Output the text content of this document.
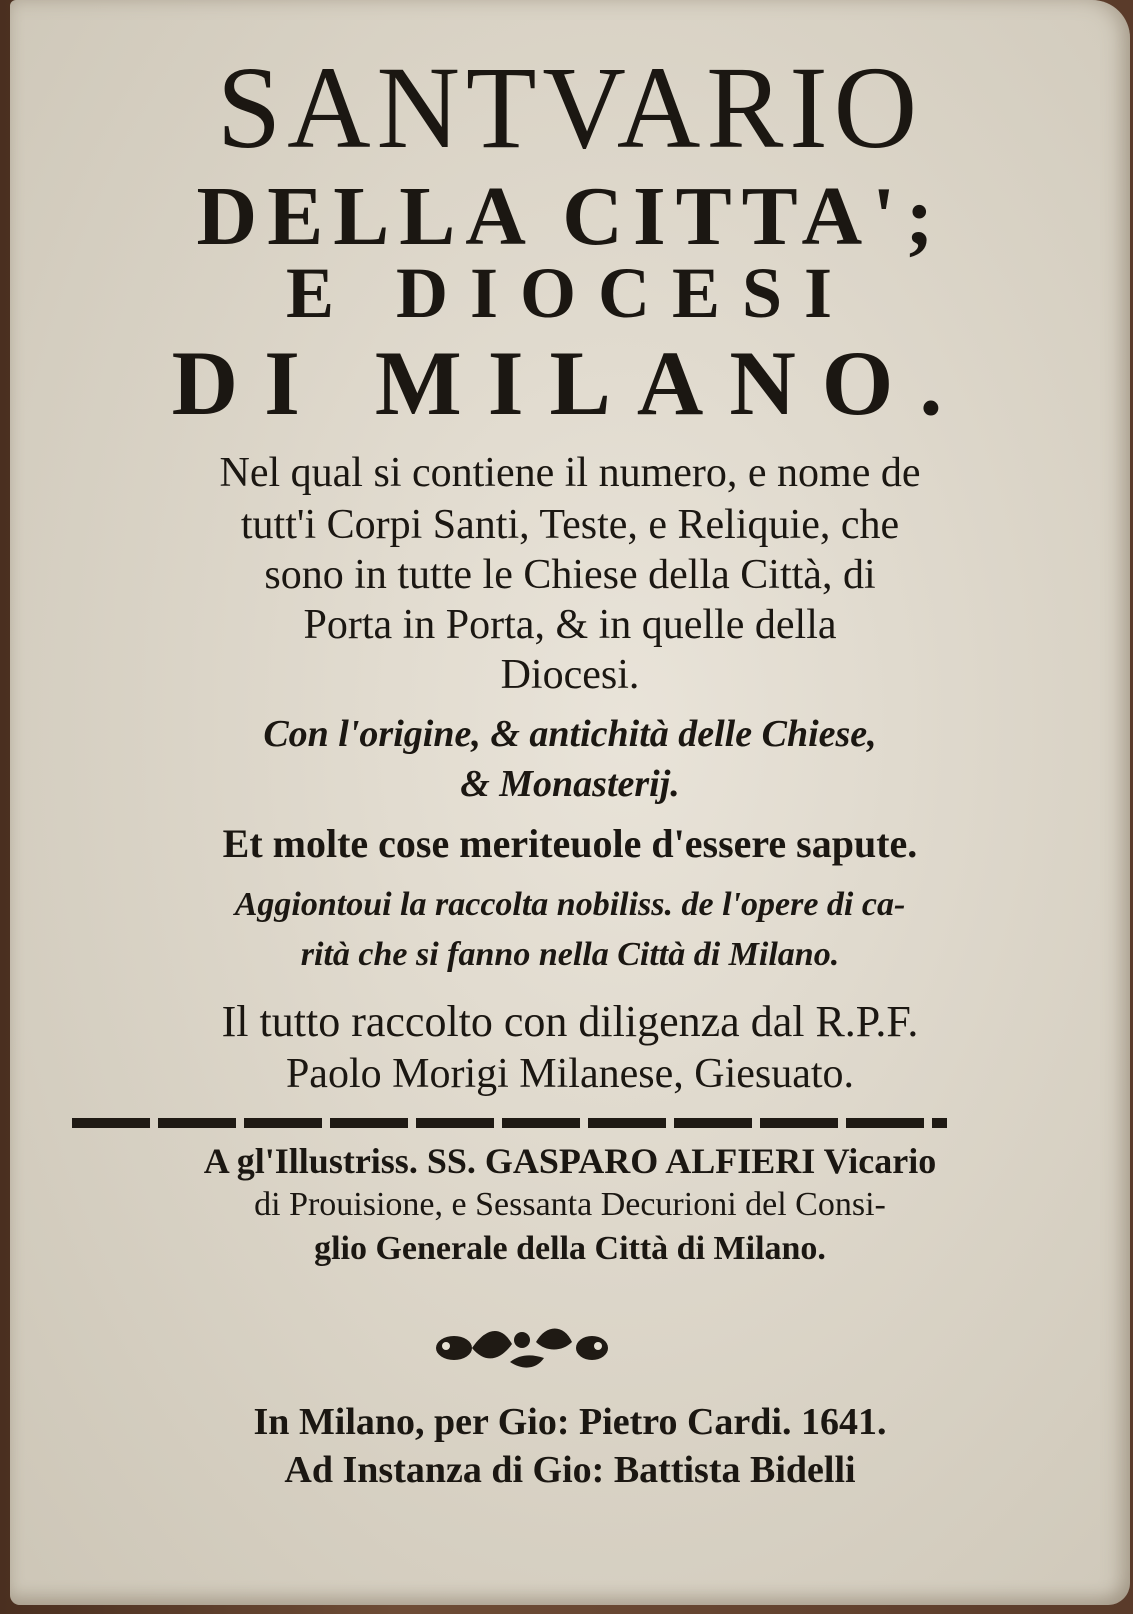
SANTVARIO
DELLA CITTA';
E DIOCESI
DI MILANO.
Nel qual si contiene il numero, e nome de
tutt'i Corpi Santi, Teste, e Reliquie, che
sono in tutte le Chiese della Città, di
Porta in Porta, & in quelle della
Diocesi.
Con l'origine, & antichità delle Chiese,
& Monasterij.
Et molte cose meriteuole d'essere sapute.
Aggiontoui la raccolta nobiliss. de l'opere di ca-
rità che si fanno nella Città di Milano.
Il tutto raccolto con diligenza dal R.P.F.
Paolo Morigi Milanese, Giesuato.
A gl'Illustriss. SS. GASPARO ALFIERI Vicario
di Prouisione, e Sessanta Decurioni del Consi-
glio Generale della Città di Milano.
In Milano, per Gio: Pietro Cardi. 1641.
Ad Instanza di Gio: Battista Bidelli
